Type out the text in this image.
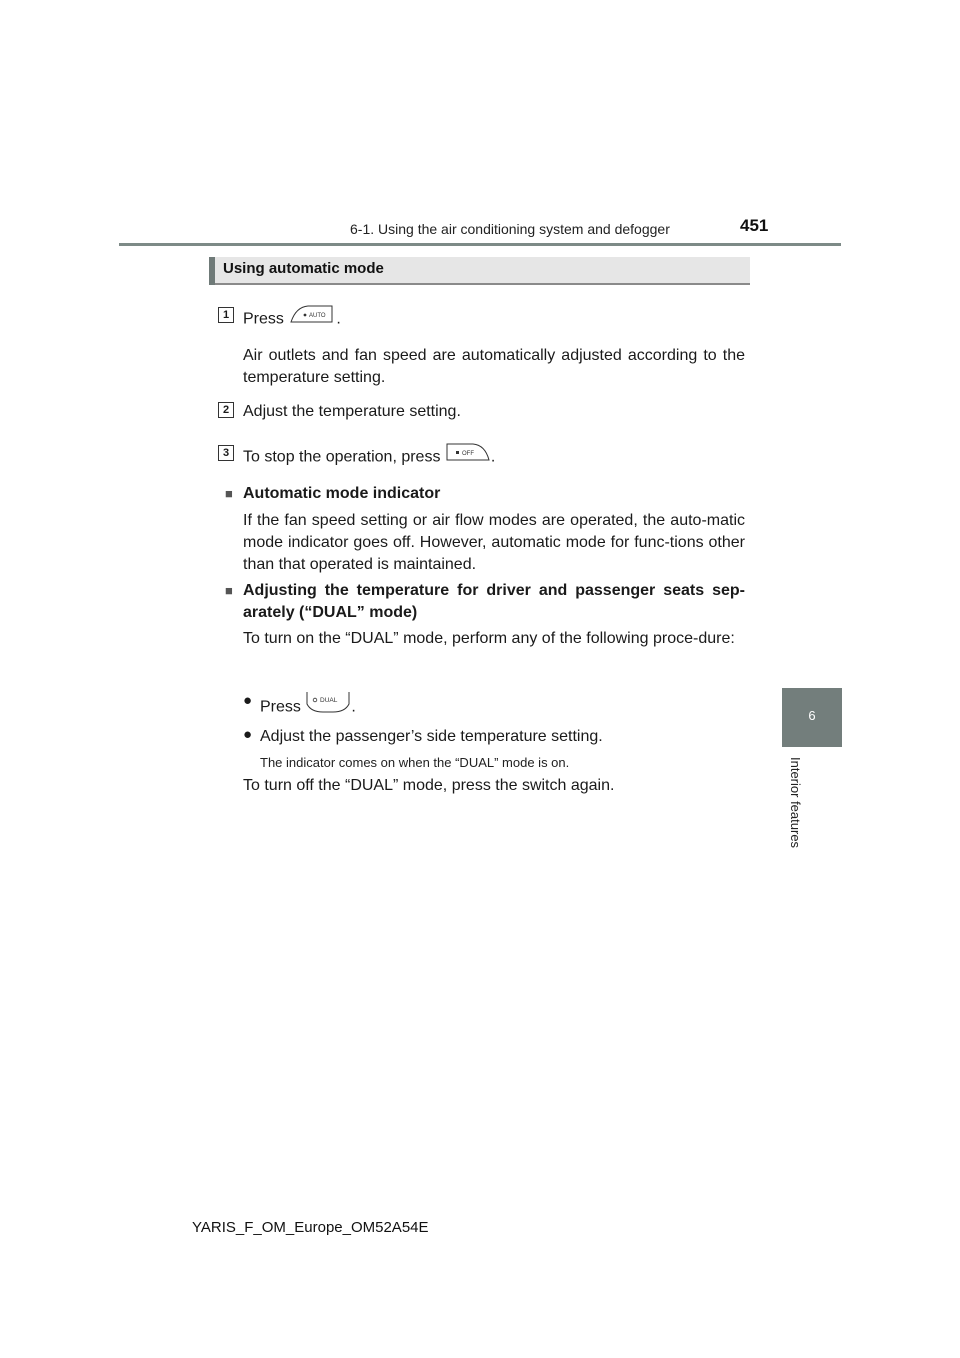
6-1. Using the air conditioning system and defogger	451
6
Interior features
Using automatic mode
1 Press	AUTO .
Air outlets and fan speed are automatically adjusted according to the temperature setting.
2 Adjust the temperature setting.
3 To stop the operation, press	OFF .
■ Automatic mode indicator
If the fan speed setting or air flow modes are operated, the auto-matic mode indicator goes off. However, automatic mode for func-tions other than that operated is maintained.
■ Adjusting the temperature for driver and passenger seats sep-arately (“DUAL” mode)
To turn on the “DUAL” mode, perform any of the following proce-dure:
● Press	DUAL .
● Adjust the passenger’s side temperature setting.
The indicator comes on when the “DUAL” mode is on.
To turn off the “DUAL” mode, press the switch again.
YARIS_F_OM_Europe_OM52A54E
